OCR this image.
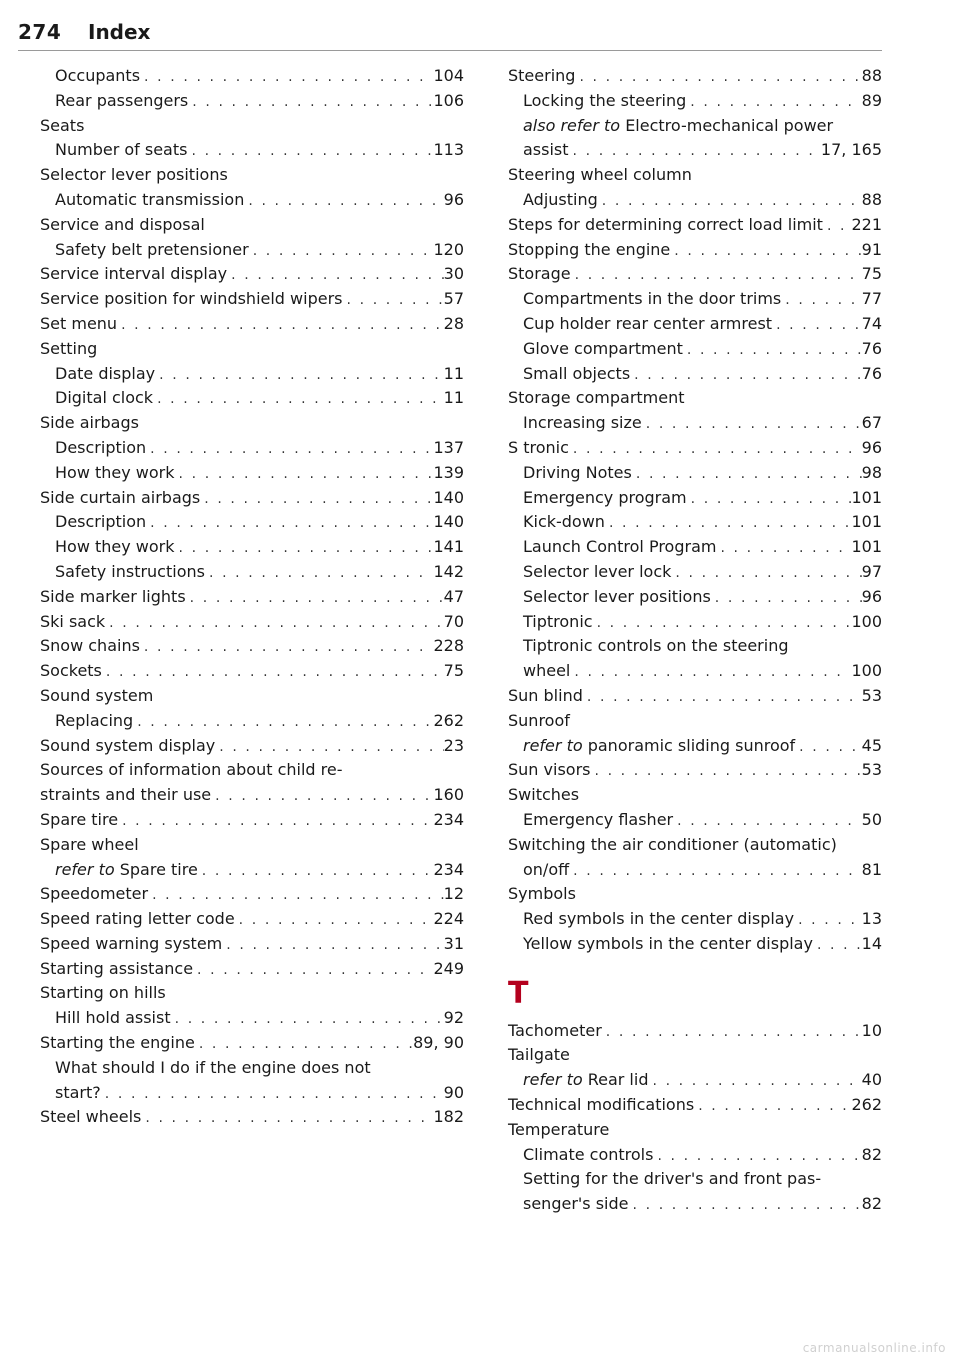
274 Index
Occupants . . .	104
Rear passengers . . .	106
Seats
Number of seats . . .	113
Selector lever positions
Automatic transmission . . .	96
Service and disposal
Safety belt pretensioner . . .	120
Service interval display . . .	30
Service position for windshield wipers . . .	57
Set menu . . .	28
Setting
Date display . . .	11
Digital clock . . .	11
Side airbags
Description . . .	137
How they work . . .	139
Side curtain airbags . . .	140
Description . . .	140
How they work . . .	141
Safety instructions . . .	142
Side marker lights . . .	47
Ski sack . . .	70
Snow chains . . .	228
Sockets . . .	75
Sound system
Replacing . . .	262
Sound system display . . .	23
Sources of information about child re-
straints and their use . . .	160
Spare tire . . .	234
Spare wheel
refer to Spare tire . . .	234
Speedometer . . .	12
Speed rating letter code . . .	224
Speed warning system . . .	31
Starting assistance . . .	249
Starting on hills
Hill hold assist . . .	92
Starting the engine . . .	89, 90
What should I do if the engine does not
start? . . .	90
Steel wheels . . .	182
Steering . . .	88
Locking the steering . . .	89
also refer to Electro-mechanical power
assist . . .	17, 165
Steering wheel column
Adjusting . . .	88
Steps for determining correct load limit . . . 221
Stopping the engine . . .	91
Storage . . .	75
Compartments in the door trims . . .	77
Cup holder rear center armrest . . .	74
Glove compartment . . .	76
Small objects . . .	76
Storage compartment
Increasing size . . .	67
S tronic . . .	96
Driving Notes . . .	98
Emergency program . . .	101
Kick-down . . .	101
Launch Control Program . . .	101
Selector lever lock . . .	97
Selector lever positions . . .	96
Tiptronic . . .	100
Tiptronic controls on the steering
wheel . . .	100
Sun blind . . .	53
Sunroof
refer to panoramic sliding sunroof . . .	45
Sun visors . . .	53
Switches
Emergency flasher . . .	50
Switching the air conditioner (automatic)
on/off . . .	81
Symbols
Red symbols in the center display . . .	13
Yellow symbols in the center display . . .	14
T
Tachometer . . .	10
Tailgate
refer to Rear lid . . .	40
Technical modifications . . .	262
Temperature
Climate controls . . .	82
Setting for the driver's and front pas-
senger's side . . .	82
carmanualsonline.info
